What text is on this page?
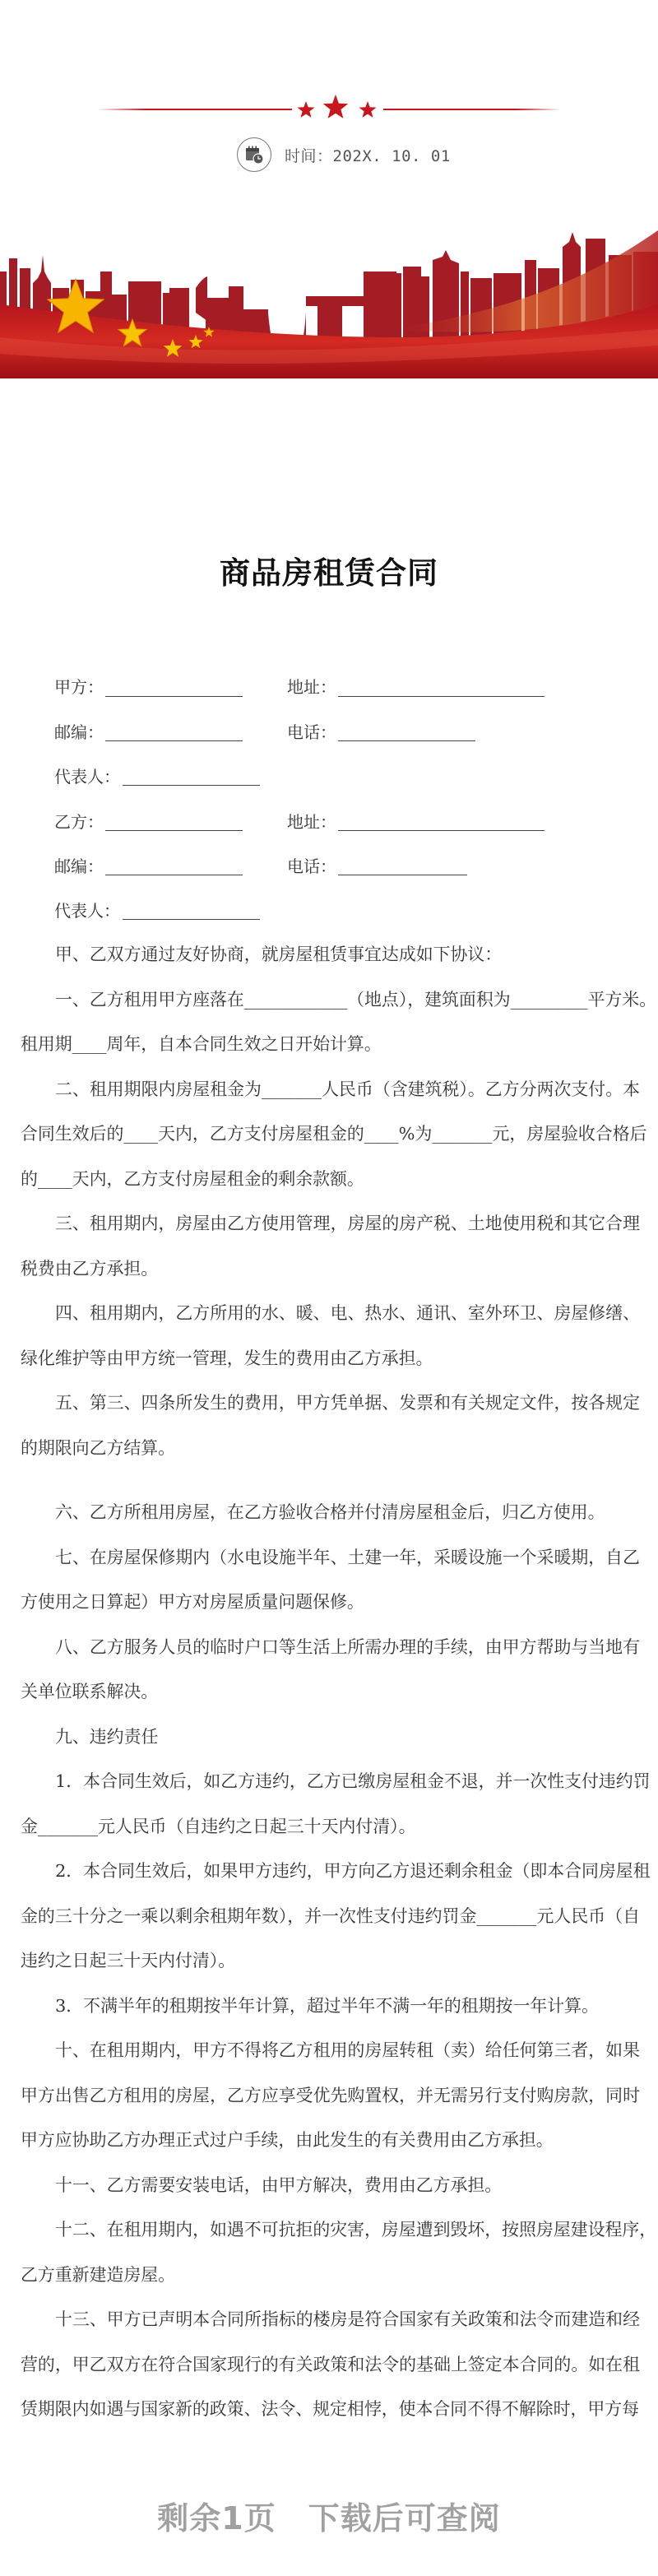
时间：202X. 10. 01
商品房租赁合同
甲方：	地址：
邮编：	电话：
代表人：
乙方：	地址：
邮编：	电话：
代表人：
甲、乙双方通过友好协商，就房屋租赁事宜达成如下协议：
一、乙方租用甲方座落在____________（地点），建筑面积为_________平方米。
租用期____周年，自本合同生效之日开始计算。
二、租用期限内房屋租金为_______人民币（含建筑税）。乙方分两次支付。本
合同生效后的____天内，乙方支付房屋租金的____%为_______元，房屋验收合格后
的____天内，乙方支付房屋租金的剩余款额。
三、租用期内，房屋由乙方使用管理，房屋的房产税、土地使用税和其它合理
税费由乙方承担。
四、租用期内，乙方所用的水、暖、电、热水、通讯、室外环卫、房屋修缮、
绿化维护等由甲方统一管理，发生的费用由乙方承担。
五、第三、四条所发生的费用，甲方凭单据、发票和有关规定文件，按各规定
的期限向乙方结算。
六、乙方所租用房屋，在乙方验收合格并付清房屋租金后，归乙方使用。
七、在房屋保修期内（水电设施半年、土建一年，采暖设施一个采暖期，自乙
方使用之日算起）甲方对房屋质量问题保修。
八、乙方服务人员的临时户口等生活上所需办理的手续，由甲方帮助与当地有
关单位联系解决。
九、违约责任
1．本合同生效后，如乙方违约，乙方已缴房屋租金不退，并一次性支付违约罚
金_______元人民币（自违约之日起三十天内付清）。
2．本合同生效后，如果甲方违约，甲方向乙方退还剩余租金（即本合同房屋租
金的三十分之一乘以剩余租期年数），并一次性支付违约罚金_______元人民币（自
违约之日起三十天内付清）。
3．不满半年的租期按半年计算，超过半年不满一年的租期按一年计算。
十、在租用期内，甲方不得将乙方租用的房屋转租（卖）给任何第三者，如果
甲方出售乙方租用的房屋，乙方应享受优先购置权，并无需另行支付购房款，同时
甲方应协助乙方办理正式过户手续，由此发生的有关费用由乙方承担。
十一、乙方需要安装电话，由甲方解决，费用由乙方承担。
十二、在租用期内，如遇不可抗拒的灾害，房屋遭到毁坏，按照房屋建设程序，
乙方重新建造房屋。
十三、甲方已声明本合同所指标的楼房是符合国家有关政策和法令而建造和经
营的，甲乙双方在符合国家现行的有关政策和法令的基础上签定本合同的。如在租
赁期限内如遇与国家新的政策、法令、规定相悖，使本合同不得不解除时，甲方每
剩余1页　下载后可查阅
